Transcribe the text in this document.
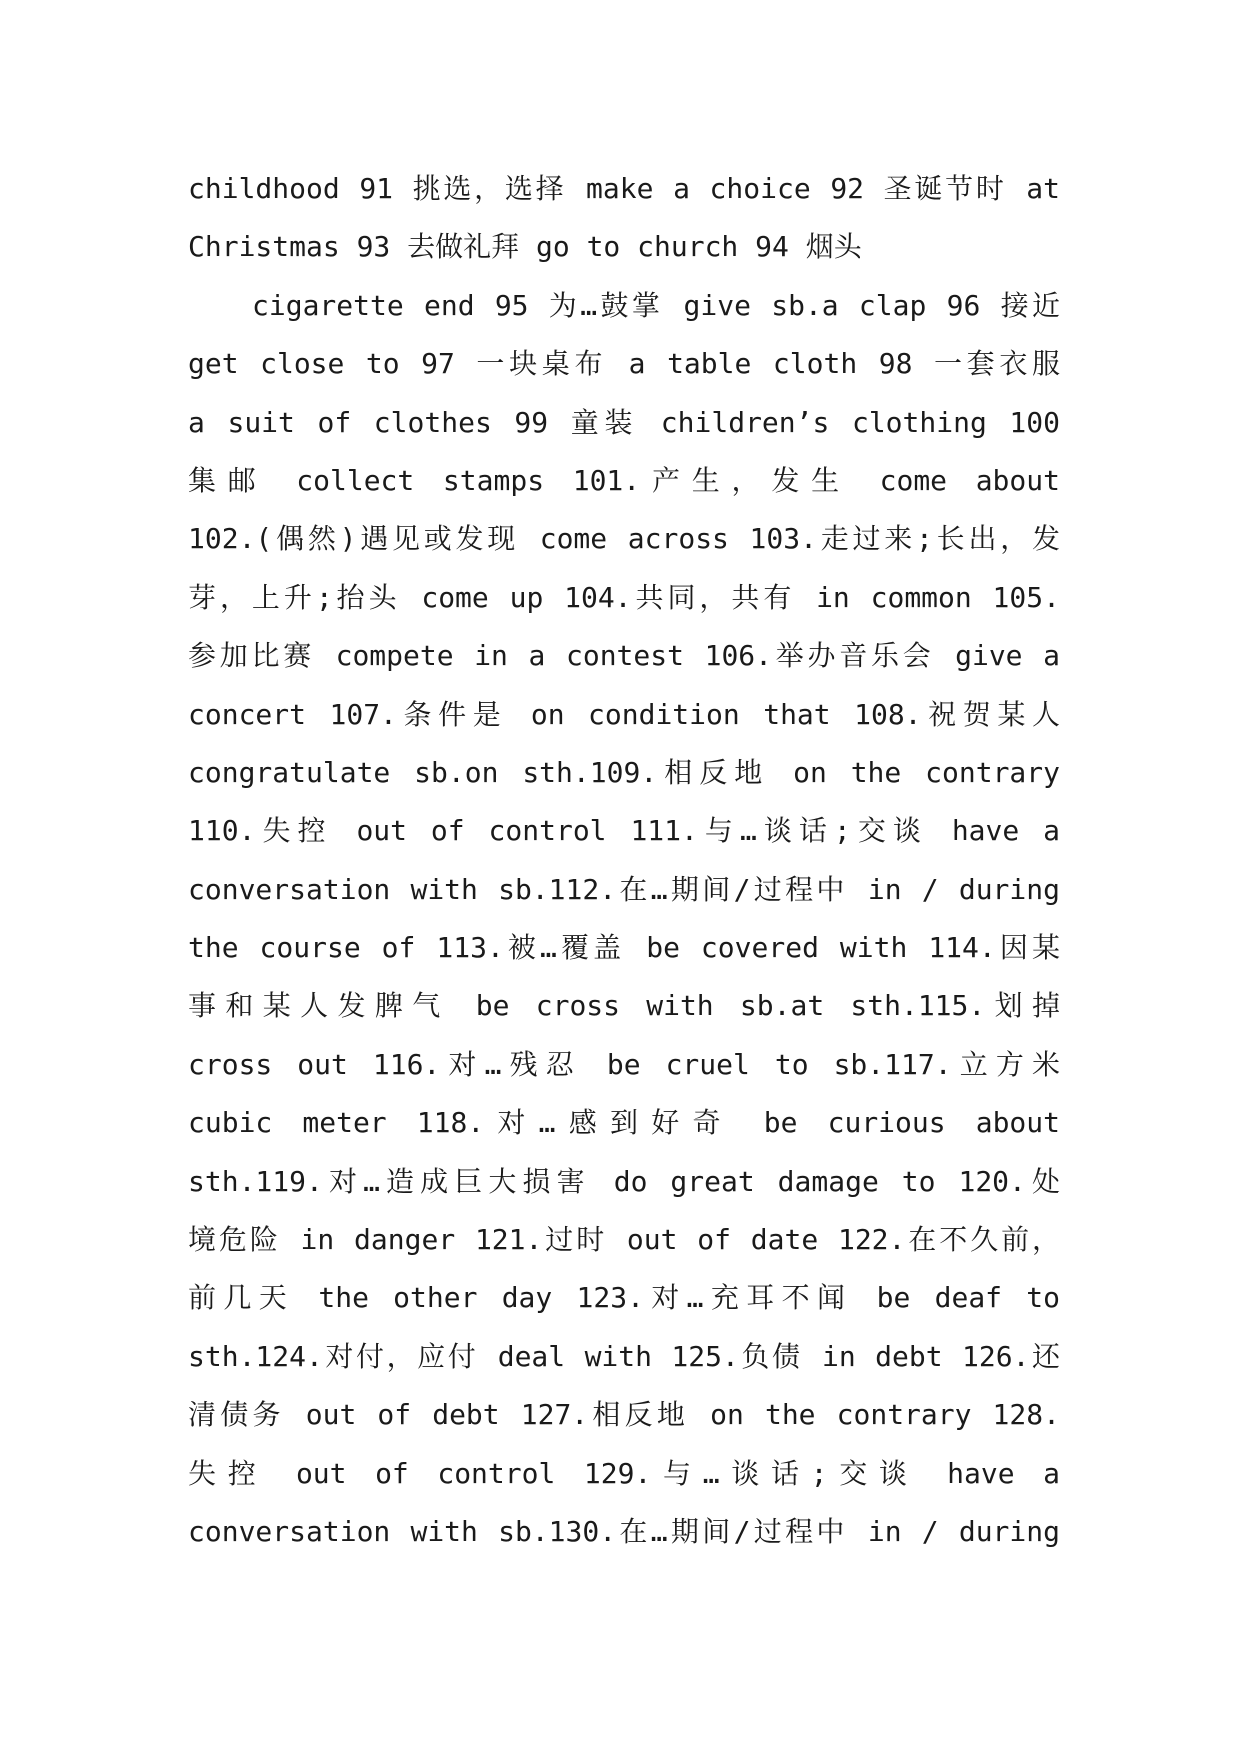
childhood 91 挑选，选择 make a choice 92 圣诞节时 at
Christmas 93 去做礼拜 go to church 94 烟头
cigarette end 95 为…鼓掌 give sb.a clap 96 接近
get close to 97 一块桌布 a table cloth 98 一套衣服
a suit of clothes 99 童装 children’s clothing 100
集邮 collect stamps 101.产生，发生 come about
102.(偶然)遇见或发现 come across 103.走过来;长出，发
芽，上升;抬头 come up 104.共同，共有 in common 105.
参加比赛 compete in a contest 106.举办音乐会 give a
concert 107.条件是 on condition that 108.祝贺某人
congratulate sb.on sth.109.相反地 on the contrary
110.失控 out of control 111.与…谈话;交谈 have a
conversation with sb.112.在…期间/过程中 in / during
the course of 113.被…覆盖 be covered with 114.因某
事和某人发脾气 be cross with sb.at sth.115.划掉
cross out 116.对…残忍 be cruel to sb.117.立方米
cubic meter 118.对…感到好奇 be curious about
sth.119.对…造成巨大损害 do great damage to 120.处
境危险 in danger 121.过时 out of date 122.在不久前，
前几天 the other day 123.对…充耳不闻 be deaf to
sth.124.对付，应付 deal with 125.负债 in debt 126.还
清债务 out of debt 127.相反地 on the contrary 128.
失控 out of control 129.与…谈话;交谈 have a
conversation with sb.130.在…期间/过程中 in / during
